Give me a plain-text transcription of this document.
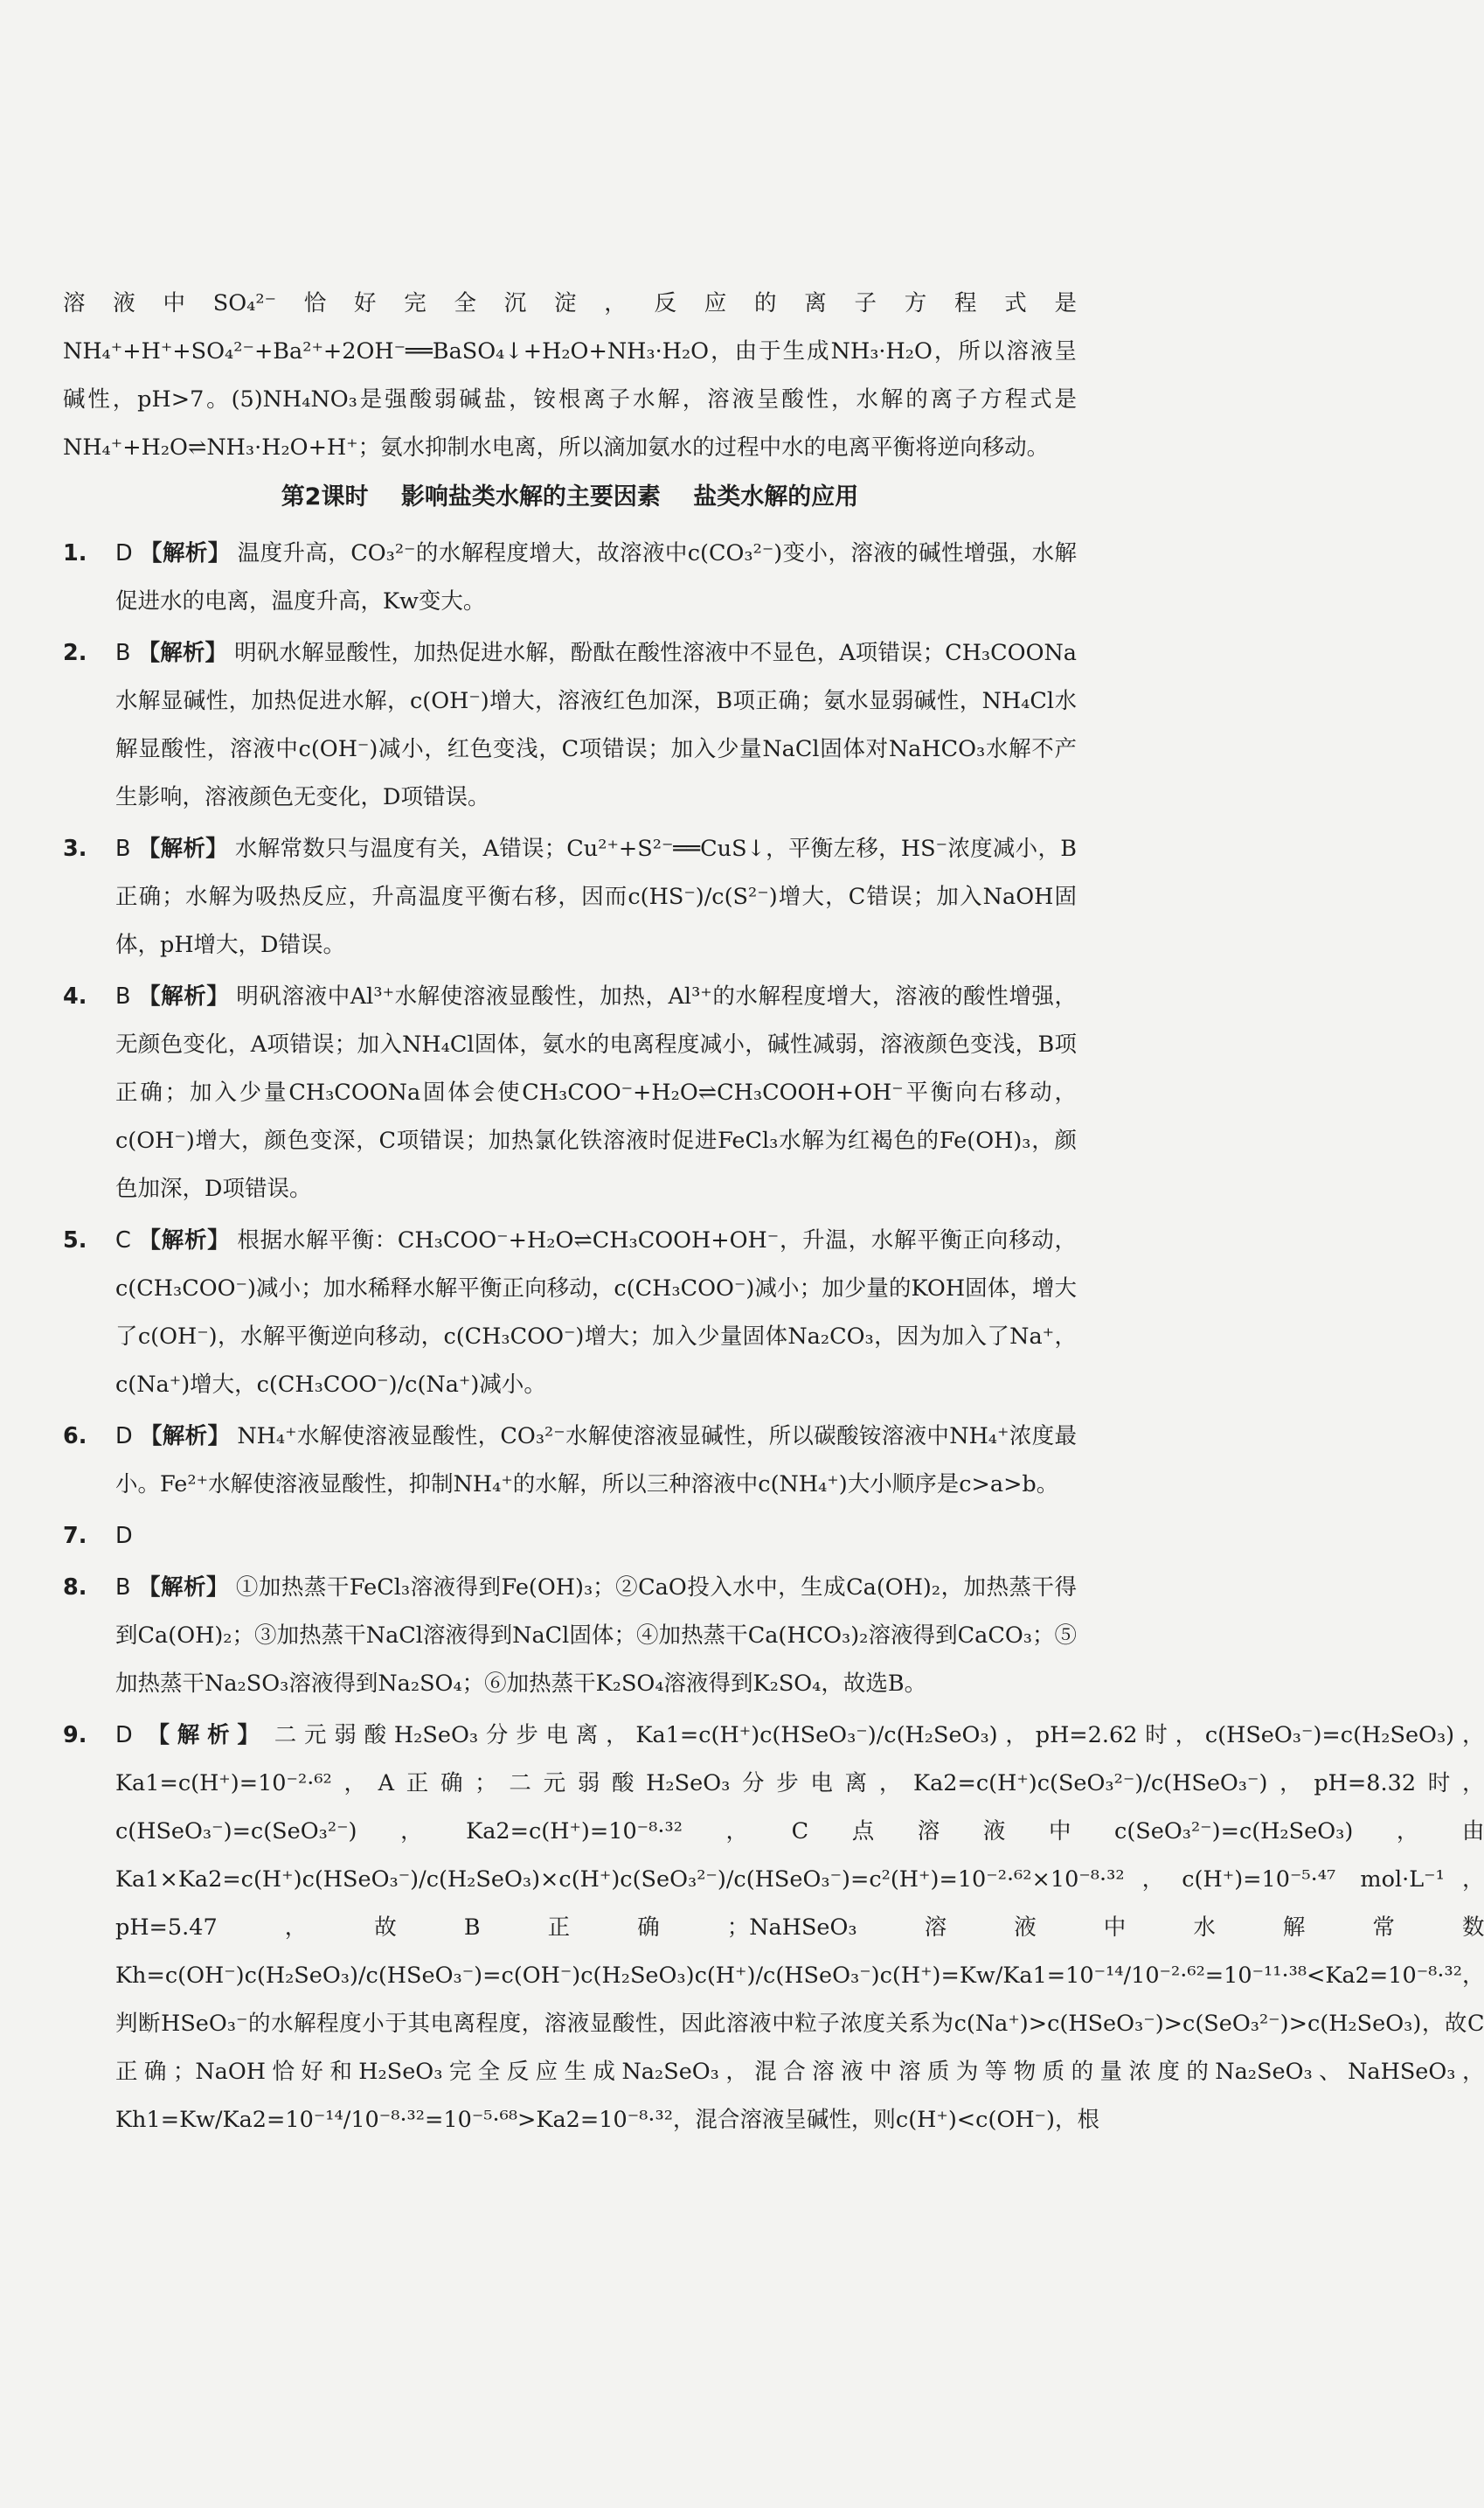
溶液中SO₄²⁻恰好完全沉淀，反应的离子方程式是NH₄⁺+H⁺+SO₄²⁻+Ba²⁺+2OH⁻══BaSO₄↓+H₂O+NH₃·H₂O，由于生成NH₃·H₂O，所以溶液呈碱性，pH>7。(5)NH₄NO₃是强酸弱碱盐，铵根离子水解，溶液呈酸性，水解的离子方程式是NH₄⁺+H₂O⇌NH₃·H₂O+H⁺；氨水抑制水电离，所以滴加氨水的过程中水的电离平衡将逆向移动。

第2课时 影响盐类水解的主要因素 盐类水解的应用
1.	D 【解析】 温度升高，CO₃²⁻的水解程度增大，故溶液中c(CO₃²⁻)变小，溶液的碱性增强，水解促进水的电离，温度升高，Kw变大。
2.	B 【解析】 明矾水解显酸性，加热促进水解，酚酞在酸性溶液中不显色，A项错误；CH₃COONa水解显碱性，加热促进水解，c(OH⁻)增大，溶液红色加深，B项正确；氨水显弱碱性，NH₄Cl水解显酸性，溶液中c(OH⁻)减小，红色变浅，C项错误；加入少量NaCl固体对NaHCO₃水解不产生影响，溶液颜色无变化，D项错误。
3.	B 【解析】 水解常数只与温度有关，A错误；Cu²⁺+S²⁻══CuS↓，平衡左移，HS⁻浓度减小，B正确；水解为吸热反应，升高温度平衡右移，因而c(HS⁻)/c(S²⁻)增大，C错误；加入NaOH固体，pH增大，D错误。
4.	B 【解析】 明矾溶液中Al³⁺水解使溶液显酸性，加热，Al³⁺的水解程度增大，溶液的酸性增强，无颜色变化，A项错误；加入NH₄Cl固体，氨水的电离程度减小，碱性减弱，溶液颜色变浅，B项正确；加入少量CH₃COONa固体会使CH₃COO⁻+H₂O⇌CH₃COOH+OH⁻平衡向右移动，c(OH⁻)增大，颜色变深，C项错误；加热氯化铁溶液时促进FeCl₃水解为红褐色的Fe(OH)₃，颜色加深，D项错误。
5.	C 【解析】 根据水解平衡：CH₃COO⁻+H₂O⇌CH₃COOH+OH⁻，升温，水解平衡正向移动，c(CH₃COO⁻)减小；加水稀释水解平衡正向移动，c(CH₃COO⁻)减小；加少量的KOH固体，增大了c(OH⁻)，水解平衡逆向移动，c(CH₃COO⁻)增大；加入少量固体Na₂CO₃，因为加入了Na⁺，c(Na⁺)增大，c(CH₃COO⁻)/c(Na⁺)减小。
6.	D 【解析】 NH₄⁺水解使溶液显酸性，CO₃²⁻水解使溶液显碱性，所以碳酸铵溶液中NH₄⁺浓度最小。Fe²⁺水解使溶液显酸性，抑制NH₄⁺的水解，所以三种溶液中c(NH₄⁺)大小顺序是c>a>b。
7.	D
8.	B 【解析】 ①加热蒸干FeCl₃溶液得到Fe(OH)₃；②CaO投入水中，生成Ca(OH)₂，加热蒸干得到Ca(OH)₂；③加热蒸干NaCl溶液得到NaCl固体；④加热蒸干Ca(HCO₃)₂溶液得到CaCO₃；⑤加热蒸干Na₂SO₃溶液得到Na₂SO₄；⑥加热蒸干K₂SO₄溶液得到K₂SO₄，故选B。
9.	D 【解析】 二元弱酸H₂SeO₃分步电离，Ka1=c(H⁺)c(HSeO₃⁻)/c(H₂SeO₃)，pH=2.62时，c(HSeO₃⁻)=c(H₂SeO₃)，Ka1=c(H⁺)=10⁻²·⁶²，A正确；二元弱酸H₂SeO₃分步电离，Ka2=c(H⁺)c(SeO₃²⁻)/c(HSeO₃⁻)，pH=8.32时，c(HSeO₃⁻)=c(SeO₃²⁻)，Ka2=c(H⁺)=10⁻⁸·³²，C点溶液中c(SeO₃²⁻)=c(H₂SeO₃)，由Ka1×Ka2=c(H⁺)c(HSeO₃⁻)/c(H₂SeO₃)×c(H⁺)c(SeO₃²⁻)/c(HSeO₃⁻)=c²(H⁺)=10⁻²·⁶²×10⁻⁸·³²，c(H⁺)=10⁻⁵·⁴⁷ mol·L⁻¹，pH=5.47，故B正确；NaHSeO₃溶液中水解常数Kh=c(OH⁻)c(H₂SeO₃)/c(HSeO₃⁻)=c(OH⁻)c(H₂SeO₃)c(H⁺)/c(HSeO₃⁻)c(H⁺)=Kw/Ka1=10⁻¹⁴/10⁻²·⁶²=10⁻¹¹·³⁸<Ka2=10⁻⁸·³²，判断HSeO₃⁻的水解程度小于其电离程度，溶液显酸性，因此溶液中粒子浓度关系为c(Na⁺)>c(HSeO₃⁻)>c(SeO₃²⁻)>c(H₂SeO₃)，故C正确；NaOH恰好和H₂SeO₃完全反应生成Na₂SeO₃，混合溶液中溶质为等物质的量浓度的Na₂SeO₃、NaHSeO₃，Kh1=Kw/Ka2=10⁻¹⁴/10⁻⁸·³²=10⁻⁵·⁶⁸>Ka2=10⁻⁸·³²，混合溶液呈碱性，则c(H⁺)<c(OH⁻)，根
